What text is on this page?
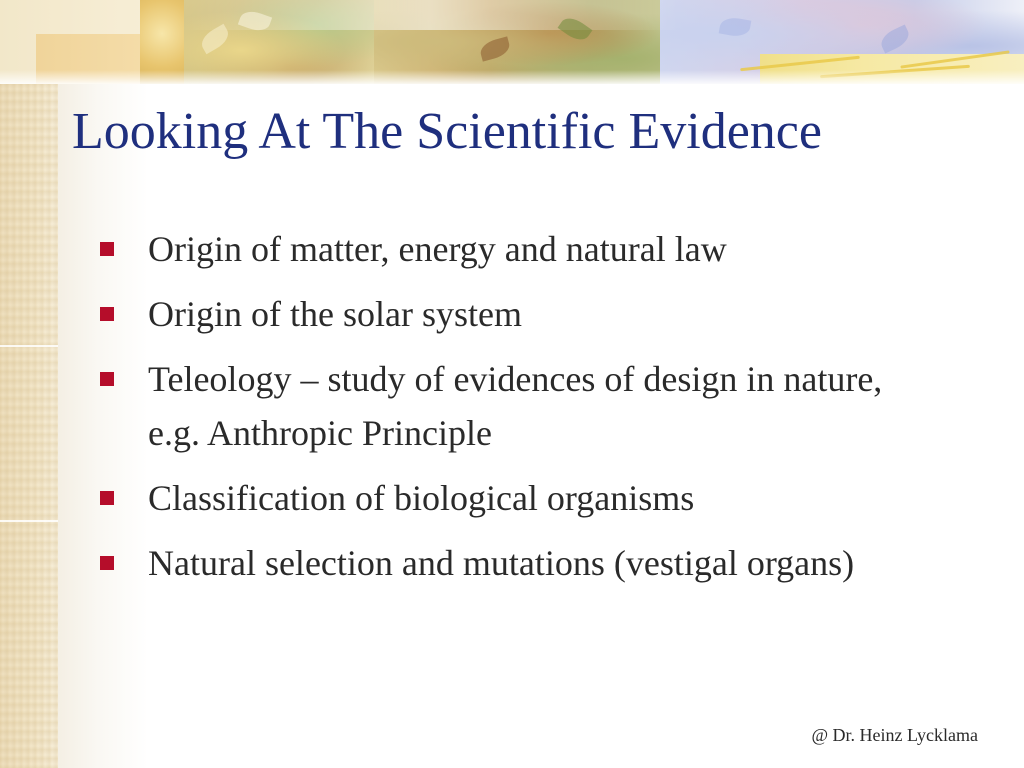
Looking At The Scientific Evidence
Origin of matter, energy and natural law
Origin of the solar system
Teleology – study of evidences of design in nature, e.g. Anthropic Principle
Classification of biological organisms
Natural selection and mutations (vestigal organs)
@ Dr. Heinz Lycklama
